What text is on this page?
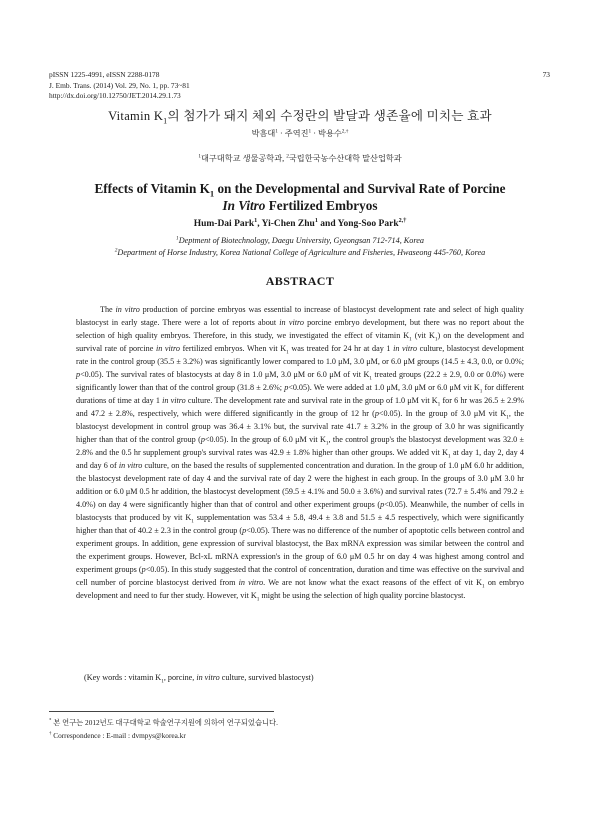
pISSN 1225-4991, eISSN 2288-0178
J. Emb. Trans. (2014) Vol. 29, No. 1, pp. 73~81
http://dx.doi.org/10.12750/JET.2014.29.1.73
73
Vitamin $K_1$의 첨가가 돼지 체외 수정란의 발달과 생존율에 미치는 효과
박흠대$^1$ · 주역진$^1$ · 박용수$^{2,\dagger}$
$^1$대구대학교 생물공학과, $^2$국립한국농수산대학 말산업학과
Effects of Vitamin $K_1$ on the Developmental and Survival Rate of Porcine
In Vitro Fertilized Embryos
Hum-Dai Park$^1$, Yi-Chen Zhu$^1$ and Yong-Soo Park$^{2,\dagger}$
$^1$Deptment of Biotechnology, Daegu University, Gyeongsan 712-714, Korea
$^2$Department of Horse Industry, Korea National College of Agriculture and Fisheries, Hwaseong 445-760, Korea
ABSTRACT

The in vitro production of porcine embryos was essential to increase of blastocyst development rate and select of high quality blastocyst in early stage. There were a lot of reports about in vitro porcine embryo development, but there was no report about the selection of high quality embryos. Therefore, in this study, we investigated the effect of vitamin $K_1$ (vit $K_1$) on the development and survival rate of porcine in vitro fertilized embryos. When vit $K_1$ was treated for 24 hr at day 1 in vitro culture, blastocyst development rate in the control group (35.5 ± 3.2%) was significantly lower compared to 1.0 μM, 3.0 μM, or 6.0 μM groups (14.5 ± 4.3, 0.0, or 0.0%; p<0.05). The survival rates of blastocysts at day 8 in 1.0 μM, 3.0 μM or 6.0 μM of vit $K_1$ treated groups (22.2 ± 2.9, 0.0 or 0.0%) were significantly lower than that of the control group (31.8 ± 2.6%; p<0.05). We were added at 1.0 μM, 3.0 μM or 6.0 μM vit $K_1$ for different durations of time at day 1 in vitro culture. The development rate and survival rate in the group of 1.0 μM vit $K_1$ for 6 hr was 26.5 ± 2.9% and 47.2 ± 2.8%, respectively, which were differed significantly in the group of 12 hr (p<0.05). In the group of 3.0 μM vit $K_1$, the blastocyst development in control group was 36.4 ± 3.1% but, the survival rate 41.7 ± 3.2% in the group of 3.0 hr was significantly higher than that of the control group (p<0.05). In the group of 6.0 μM vit $K_1$, the control group's the blastocyst development was 32.0 ± 2.8% and the 0.5 hr supplement group's survival rates was 42.9 ± 1.8% higher than other groups. We added vit $K_1$ at day 1, day 2, day 4 and day 6 of in vitro culture, on the based the results of supplemented concentration and duration. In the group of 1.0 μM 6.0 hr addition, the blastocyst development rate of day 4 and the survival rate of day 2 were the highest in each group. In the groups of 3.0 μM 3.0 hr addition or 6.0 μM 0.5 hr addition, the blastocyst development (59.5 ± 4.1% and 50.0 ± 3.6%) and survival rates (72.7 ± 5.4% and 79.2 ± 4.0%) on day 4 were significantly higher than that of control and other experiment groups (p<0.05). Meanwhile, the number of cells in blastocysts that produced by vit $K_1$ supplementation was 53.4 ± 5.8, 49.4 ± 3.8 and 51.5 ± 4.5 respectively, which were significantly higher than that of 40.2 ± 2.3 in the control group (p<0.05). There was no difference of the number of apoptotic cells between control and experiment groups. In addition, gene expression of survival blastocyst, the Bax mRNA expression was similar between the control and the experiment groups. However, Bcl-xL mRNA expression's in the group of 6.0 μM 0.5 hr on day 4 was highest among control and experiment groups (p<0.05). In this study suggested that the control of concentration, duration and time was effective on the survival and cell number of porcine blastocyst derived from in vitro. We are not know what the exact reasons of the effect of vit $K_1$ on embryo development and need to fur ther study. However, vit $K_1$ might be using the selection of high quality porcine blastocyst.

(Key words : vitamin $K_1$, porcine, in vitro culture, survived blastocyst)
* 본 연구는 2012년도 대구대학교 학술연구지원에 의하여 연구되었습니다.
† Correspondence : E-mail : dvmpys@korea.kr
